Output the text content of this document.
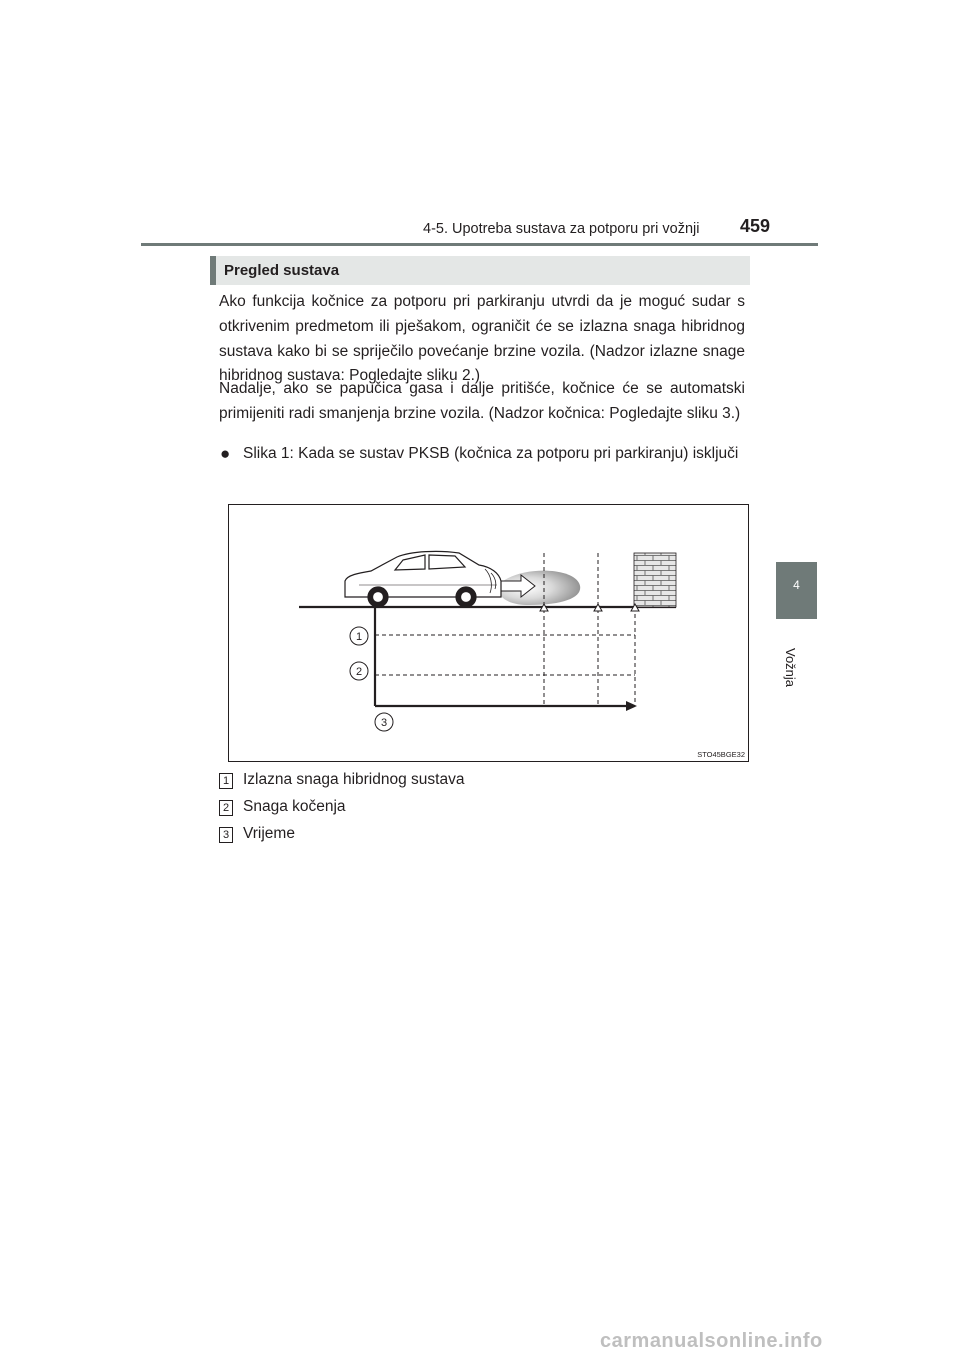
4-5. Upotreba sustava za potporu pri vožnji 459
4
Vožnja
Pregled sustava

Ako funkcija kočnice za potporu pri parkiranju utvrdi da je moguć sudar s otkrivenim predmetom ili pješakom, ograničit će se izlazna snaga hibridnog sustava kako bi se spriječilo povećanje brzine vozila. (Nadzor izlazne snage hibridnog sustava: Pogledajte sliku 2.)

Nadalje, ako se papučica gasa i dalje pritišće, kočnice će se automatski primijeniti radi smanjenja brzine vozila. (Nadzor kočnica: Pogledajte sliku 3.)

● Slika 1: Kada se sustav PKSB (kočnica za potporu pri parkiranju) isključi

1
2
3
STO45BGE32
1 Izlazna snaga hibridnog sustava
2 Snaga kočenja
3 Vrijeme
carmanualsonline.info
